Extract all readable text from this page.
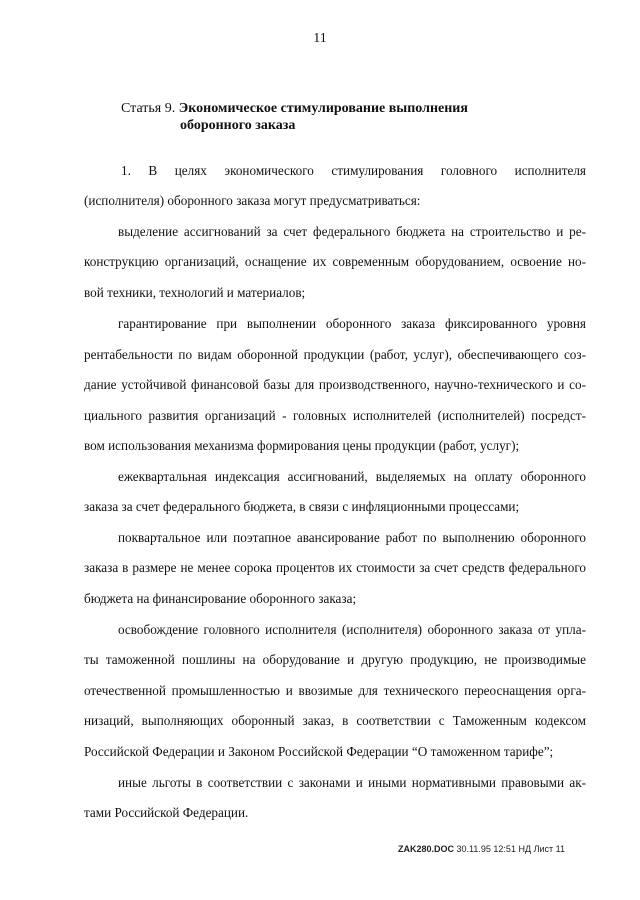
11
Статья 9. Экономическое стимулирование выполнения
оборонного заказа
1. В целях экономического стимулирования головного исполнителя
(исполнителя) оборонного заказа могут предусматриваться:
выделение ассигнований за счет федерального бюджета на строительство и ре-
конструкцию организаций, оснащение их современным оборудованием, освоение но-
вой техники, технологий и материалов;
гарантирование при выполнении оборонного заказа фиксированного уровня
рентабельности по видам оборонной продукции (работ, услуг), обеспечивающего соз-
дание устойчивой финансовой базы для производственного, научно-технического и со-
циального развития организаций - головных исполнителей (исполнителей) посредст-
вом использования механизма формирования цены продукции (работ, услуг);
ежеквартальная индексация ассигнований, выделяемых на оплату оборонного
заказа за счет федерального бюджета, в связи с инфляционными процессами;
поквартальное или поэтапное авансирование работ по выполнению оборонного
заказа в размере не менее сорока процентов их стоимости за счет средств федерального
бюджета на финансирование оборонного заказа;
освобождение головного исполнителя (исполнителя) оборонного заказа от упла-
ты таможенной пошлины на оборудование и другую продукцию, не производимые
отечественной промышленностью и ввозимые для технического переоснащения орга-
низаций, выполняющих оборонный заказ, в соответствии с Таможенным кодексом
Российской Федерации и Законом Российской Федерации “О таможенном тарифе”;
иные льготы в соответствии с законами и иными нормативными правовыми ак-
тами Российской Федерации.
ZAK280.DOC 30.11.95 12:51 НД Лист 11
